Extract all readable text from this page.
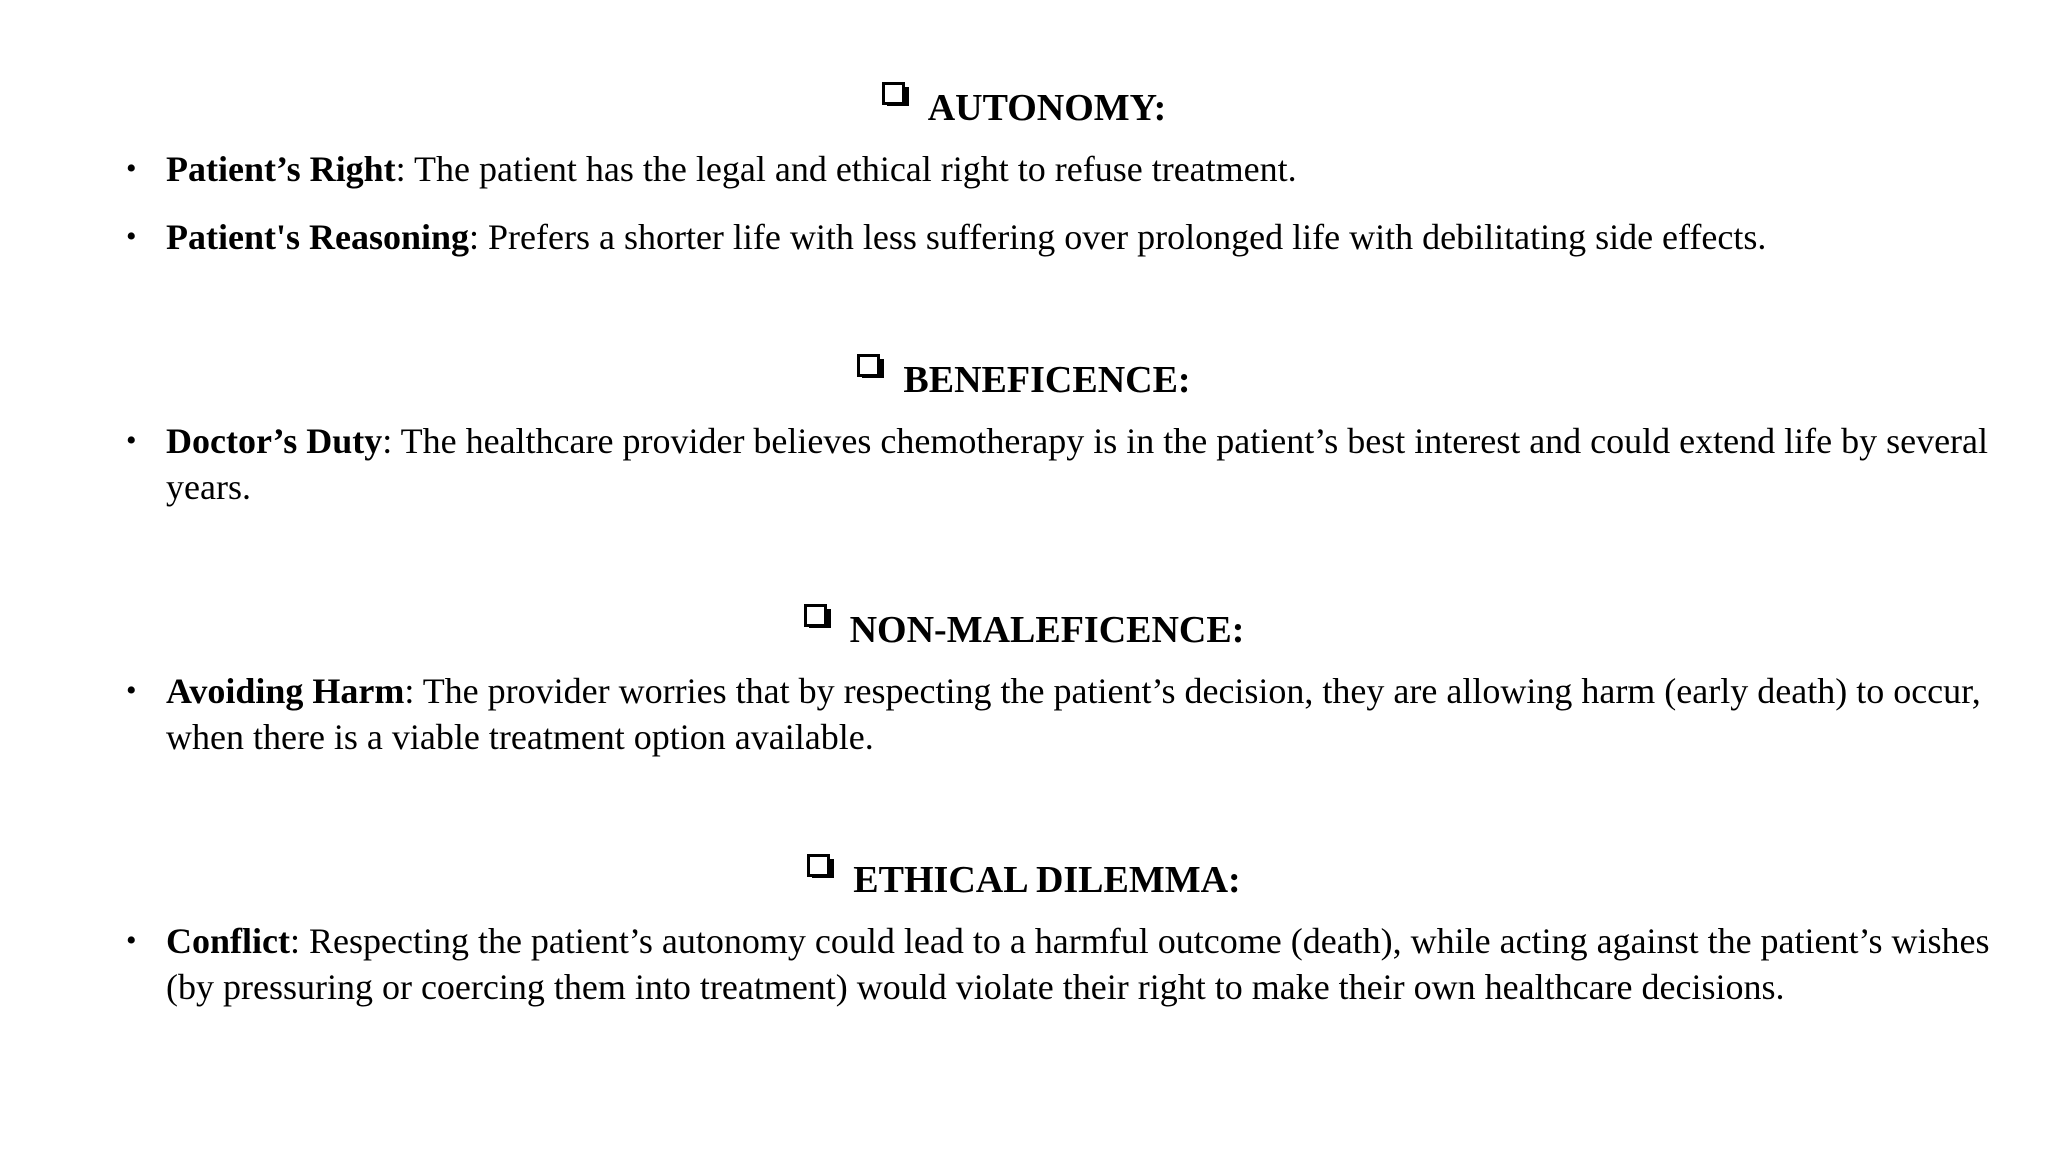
AUTONOMY:
• Patient’s Right: The patient has the legal and ethical right to refuse treatment.
• Patient's Reasoning: Prefers a shorter life with less suffering over prolonged life with debilitating side effects.
BENEFICENCE:
• Doctor’s Duty: The healthcare provider believes chemotherapy is in the patient’s best interest and could extend life by several years.
NON-MALEFICENCE:
• Avoiding Harm: The provider worries that by respecting the patient’s decision, they are allowing harm (early death) to occur, when there is a viable treatment option available.
ETHICAL DILEMMA:
• Conflict: Respecting the patient’s autonomy could lead to a harmful outcome (death), while acting against the patient’s wishes (by pressuring or coercing them into treatment) would violate their right to make their own healthcare decisions.
